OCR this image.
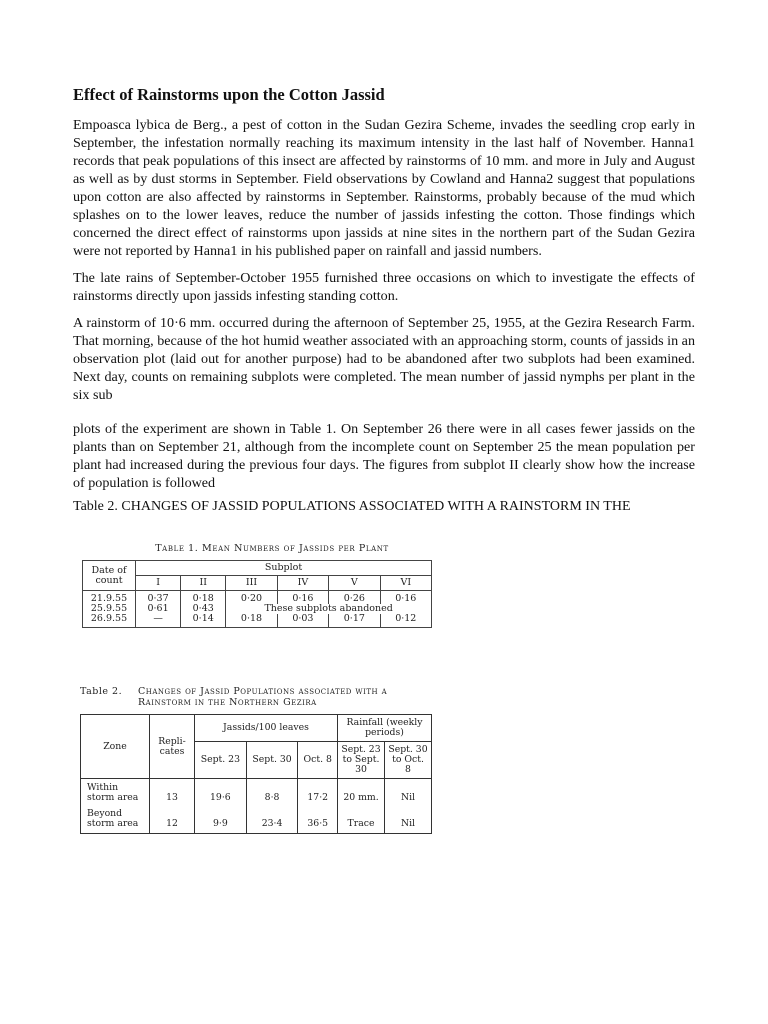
Effect of Rainstorms upon the Cotton Jassid

Empoasca lybica de Berg., a pest of cotton in the Sudan Gezira Scheme, invades the seedling crop early in September, the infestation normally reaching its maximum intensity in the last half of November. Hanna1 records that peak populations of this insect are affected by rainstorms of 10 mm. and more in July and August as well as by dust storms in September. Field observations by Cowland and Hanna2 suggest that populations upon cotton are also affected by rainstorms in September. Rainstorms, probably because of the mud which splashes on to the lower leaves, reduce the number of jassids infesting the cotton. Those findings which concerned the direct effect of rainstorms upon jassids at nine sites in the northern part of the Sudan Gezira were not reported by Hanna1 in his published paper on rainfall and jassid numbers.

The late rains of September-October 1955 furnished three occasions on which to investigate the effects of rainstorms directly upon jassids infesting standing cotton.

A rainstorm of 10·6 mm. occurred during the afternoon of September 25, 1955, at the Gezira Research Farm. That morning, because of the hot humid weather associated with an approaching storm, counts of jassids in an observation plot (laid out for another purpose) had to be abandoned after two subplots had been examined. Next day, counts on remaining subplots were completed. The mean number of jassid nymphs per plant in the six sub

plots of the experiment are shown in Table 1. On September 26 there were in all cases fewer jassids on the plants than on September 21, although from the incomplete count on September 25 the mean population per plant had increased during the previous four days. The figures from subplot II clearly show how the increase of population is followed

Table 2. CHANGES OF JASSID POPULATIONS ASSOCIATED WITH A RAINSTORM IN THE
Table 1. Mean Numbers of Jassids per Plant
Date of count	Subplot					
	I	II	III	IV	V	VI
21.9.55	0·37	0·18	0·20	0·16	0·26	0·16
25.9.55	0·61	0·43	These subplots abandoned			
26.9.55	—	0·14	0·18	0·03	0·17	0·12
Table 2. Changes of Jassid Populations associated with a
Rainstorm in the Northern Gezira
Zone	Repli-cates	Jassids/100 leaves			Rainfall (weekly periods)	
		Sept. 23	Sept. 30	Oct. 8	Sept. 23 to Sept. 30	Sept. 30 to Oct. 8
Within storm area	13	19·6	8·8	17·2	20 mm.	Nil
Beyond storm area	12	9·9	23·4	36·5	Trace	Nil
